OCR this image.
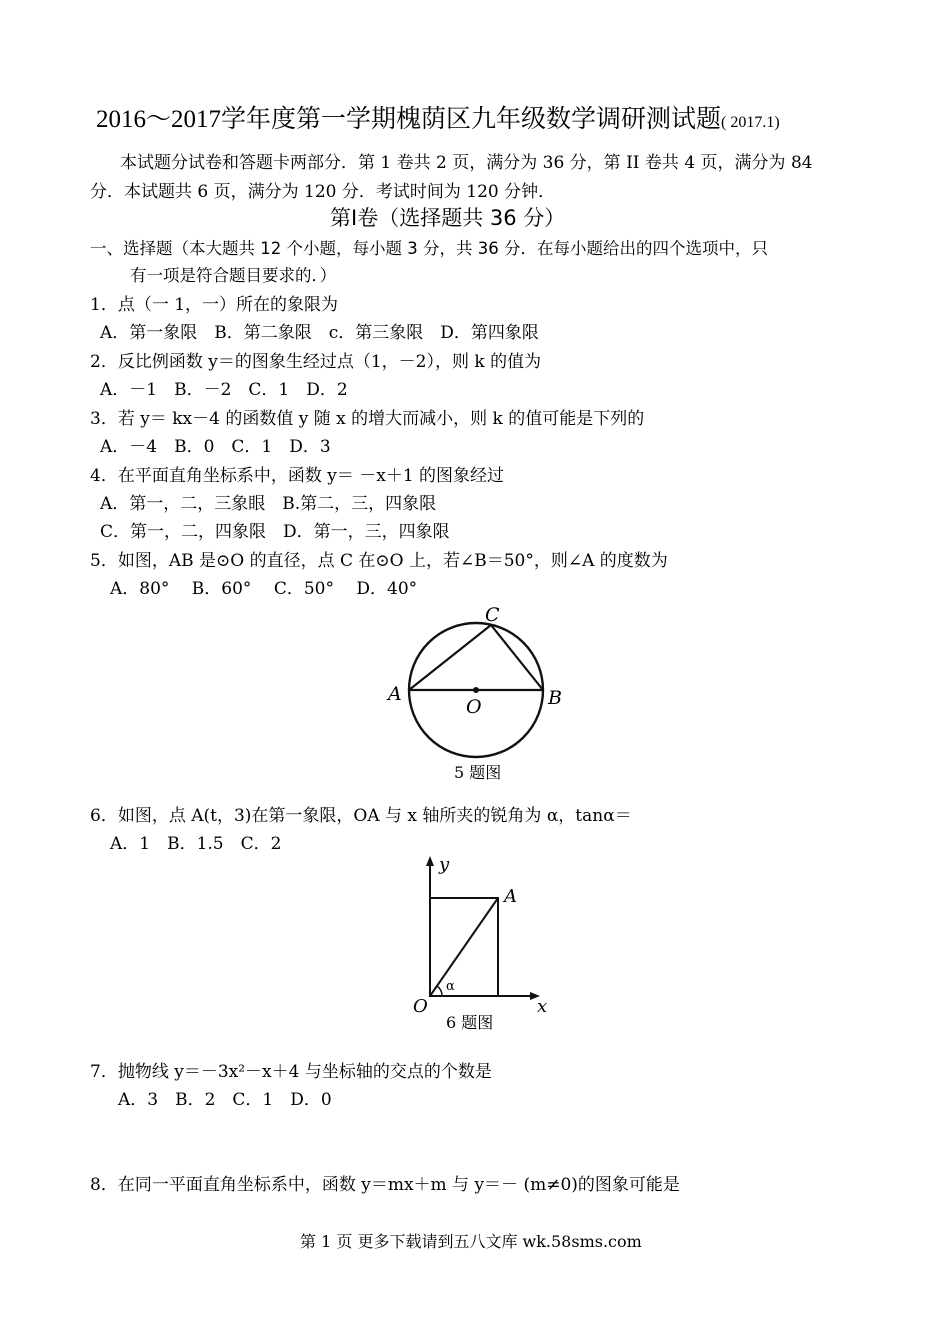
2016～2017学年度第一学期槐荫区九年级数学调研测试题( 2017.1)
本试题分试卷和答题卡两部分．第 1 卷共 2 页，满分为 36 分，第 II 卷共 4 页，满分为 84
分．本试题共 6 页，满分为 120 分．考试时间为 120 分钟．
第Ⅰ卷（选择题共 36 分）
一、选择题（本大题共 12 个小题，每小题 3 分，共 36 分．在每小题给出的四个选项中，只
有一项是符合题目要求的．）
1．点（一 1，一）所在的象限为
A．第一象限　B．第二象限　c．第三象限　D．第四象限
2．反比例函数 y＝的图象生经过点（1，－2），则 k 的值为
A．－1　B．－2　C．1　D．2
3．若 y＝ kx－4 的函数值 y 随 x 的增大而减小，则 k 的值可能是下列的
A．－4　B．0　C．1　D．3
4．在平面直角坐标系中，函数 y＝ －x＋1 的图象经过
A．第一，二，三象眼　B.第二，三，四象限
C．第一，二，四象限　D．第一，三，四象限
5．如图，AB 是⊙O 的直径，点 C 在⊙O 上，若∠B＝50°，则∠A 的度数为
A．80°　 B．60°　 C．50°　 D．40°
A	B
C
O
5 题图
6．如图，点 A(t，3)在第一象限，OA 与 x 轴所夹的锐角为 α，tanα＝
A．1　B．1.5　C．2
y
x
O
A
α
6 题图
7．抛物线 y＝－3x²－x＋4 与坐标轴的交点的个数是
A．3　B．2　C．1　D．0
8．在同一平面直角坐标系中，函数 y＝mx＋m 与 y＝－ (m≠0)的图象可能是
第 1 页 更多下载请到五八文库 wk.58sms.com
